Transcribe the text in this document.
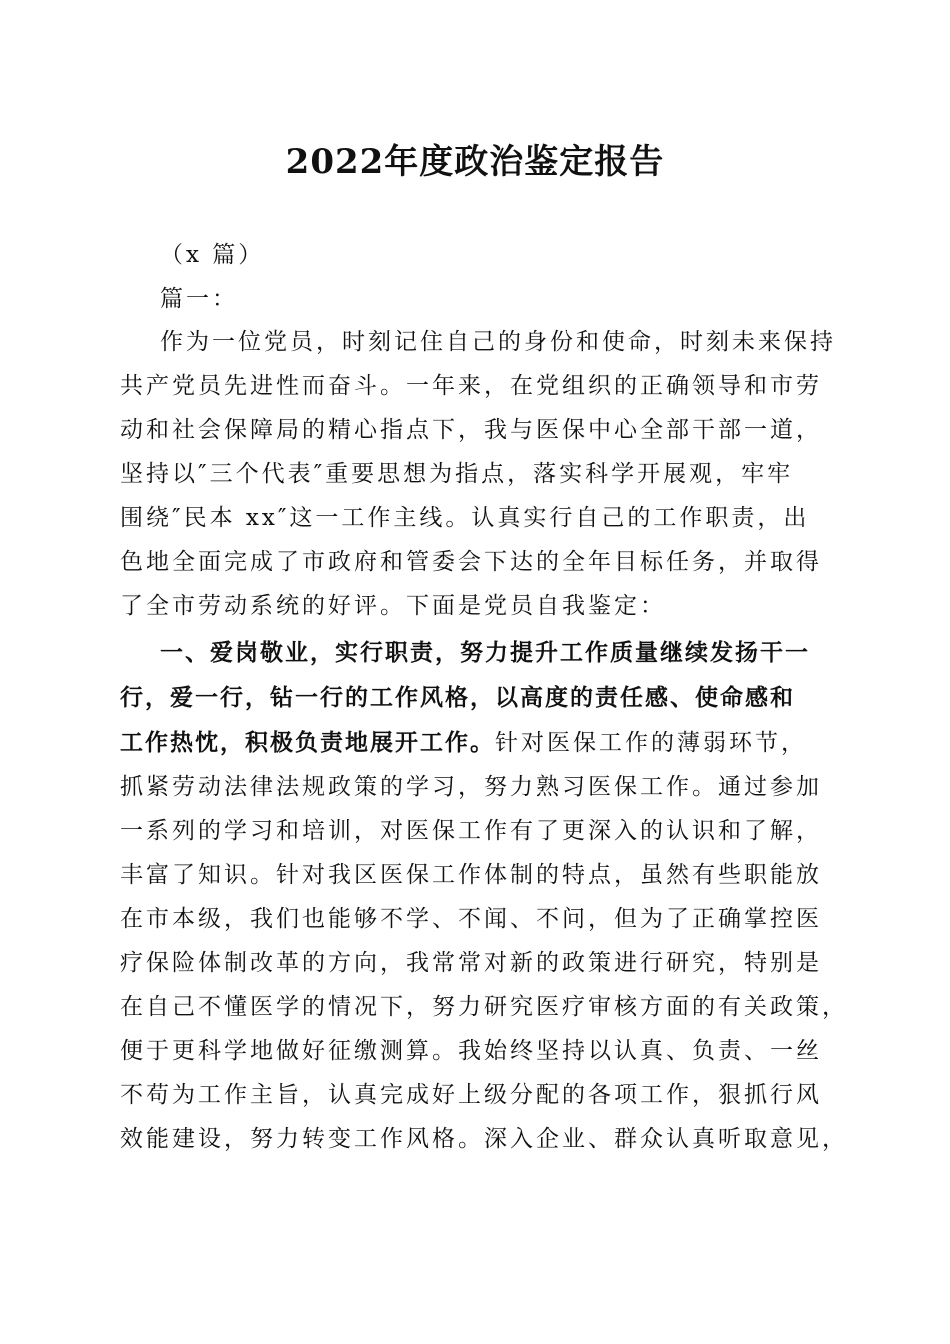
2022年度政治鉴定报告
（x 篇）
篇一：
作为一位党员，时刻记住自己的身份和使命，时刻未来保持
共产党员先进性而奋斗。一年来，在党组织的正确领导和市劳
动和社会保障局的精心指点下，我与医保中心全部干部一道，
坚持以″三个代表″重要思想为指点，落实科学开展观，牢牢
围绕″民本 xx″这一工作主线。认真实行自己的工作职责，出
色地全面完成了市政府和管委会下达的全年目标任务，并取得
了全市劳动系统的好评。下面是党员自我鉴定：
一、爱岗敬业，实行职责，努力提升工作质量继续发扬干一
行，爱一行，钻一行的工作风格，以高度的责任感、使命感和
工作热忱，积极负责地展开工作。针对医保工作的薄弱环节，
抓紧劳动法律法规政策的学习，努力熟习医保工作。通过参加
一系列的学习和培训，对医保工作有了更深入的认识和了解，
丰富了知识。针对我区医保工作体制的特点，虽然有些职能放
在市本级，我们也能够不学、不闻、不问，但为了正确掌控医
疗保险体制改革的方向，我常常对新的政策进行研究，特别是
在自己不懂医学的情况下，努力研究医疗审核方面的有关政策，
便于更科学地做好征缴测算。我始终坚持以认真、负责、一丝
不苟为工作主旨，认真完成好上级分配的各项工作，狠抓行风
效能建设，努力转变工作风格。深入企业、群众认真听取意见，
